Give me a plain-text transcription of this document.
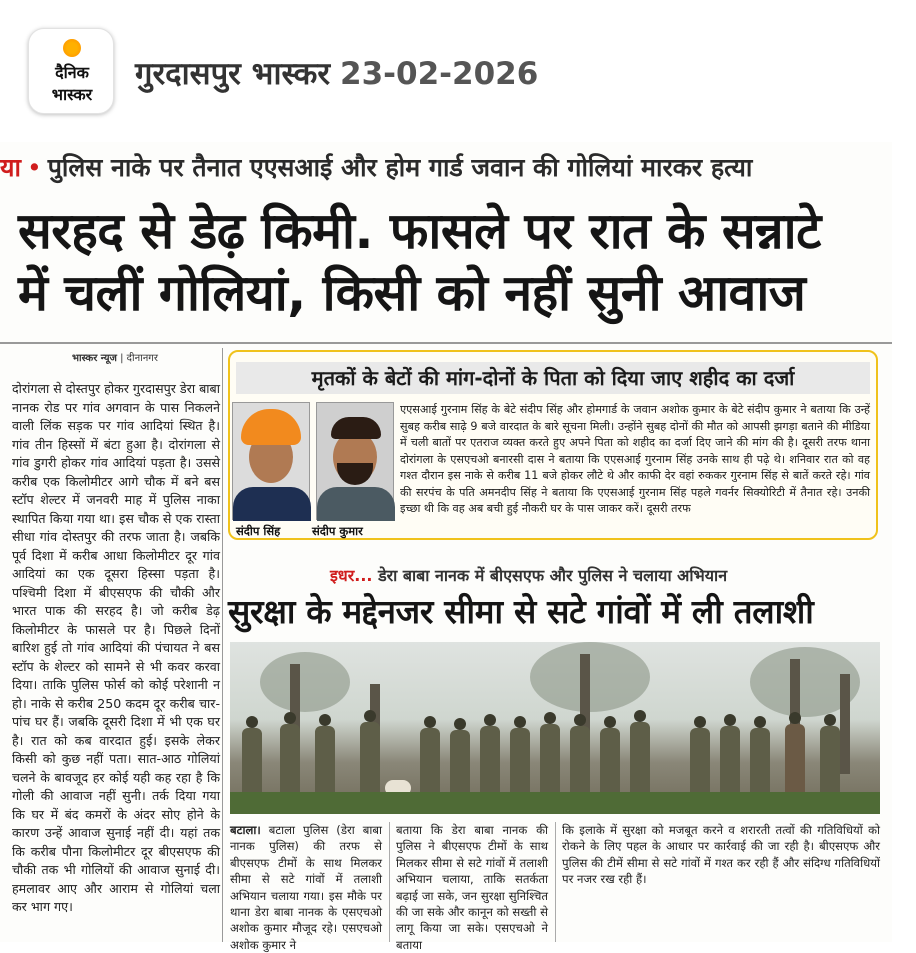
दैनिक
भास्कर
गुरदासपुर भास्कर 23-02-2026
या • पुलिस नाके पर तैनात एएसआई और होम गार्ड जवान की गोलियां मारकर हत्या
सरहद से डेढ़ किमी. फासले पर रात के सन्नाटे
में चलीं गोलियां, किसी को नहीं सुनी आवाज
भास्कर न्यूज | दीनानगर
दोरांगला से दोस्तपुर होकर गुरदासपुर डेरा बाबा नानक रोड पर गांव अगवान के पास निकलने वाली लिंक सड़क पर गांव आदियां स्थित है। गांव तीन हिस्सों में बंटा हुआ है। दोरांगला से गांव डुगरी होकर गांव आदियां पड़ता है। उससे करीब एक किलोमीटर आगे चौक में बने बस स्टॉप शेल्टर में जनवरी माह में पुलिस नाका स्थापित किया गया था। इस चौक से एक रास्ता सीधा गांव दोस्तपुर की तरफ जाता है। जबकि पूर्व दिशा में करीब आधा किलोमीटर दूर गांव आदियां का एक दूसरा हिस्सा पड़ता है। पश्चिमी दिशा में बीएसएफ की चौकी और भारत पाक की सरहद है। जो करीब डेढ़ किलोमीटर के फासले पर है। पिछले दिनों बारिश हुई तो गांव आदियां की पंचायत ने बस स्टॉप के शेल्टर को सामने से भी कवर करवा दिया। ताकि पुलिस फोर्स को कोई परेशानी न हो। नाके से करीब 250 कदम दूर करीब चार-पांच घर हैं। जबकि दूसरी दिशा में भी एक घर है। रात को कब वारदात हुई। इसके लेकर किसी को कुछ नहीं पता। सात-आठ गोलियां चलने के बावजूद हर कोई यही कह रहा है कि गोली की आवाज नहीं सुनी। तर्क दिया गया कि घर में बंद कमरों के अंदर सोए होने के कारण उन्हें आवाज सुनाई नहीं दी। यहां तक कि करीब पौना किलोमीटर दूर बीएसएफ की चौकी तक भी गोलियों की आवाज सुनाई दी। हमलावर आए और आराम से गोलियां चला कर भाग गए।
मृतकों के बेटों की मांग-दोनों के पिता को दिया जाए शहीद का दर्जा
संदीप सिंह	संदीप कुमार
एएसआई गुरनाम सिंह के बेटे संदीप सिंह और होमगार्ड के जवान अशोक कुमार के बेटे संदीप कुमार ने बताया कि उन्हें सुबह करीब साढ़े 9 बजे वारदात के बारे सूचना मिली। उन्होंने सुबह दोनों की मौत को आपसी झगड़ा बताने की मीडिया में चली बातों पर एतराज व्यक्त करते हुए अपने पिता को शहीद का दर्जा दिए जाने की मांग की है। दूसरी तरफ थाना दोरांगला के एसएचओ बनारसी दास ने बताया कि एएसआई गुरनाम सिंह उनके साथ ही पढ़े थे। शनिवार रात को वह गश्त दौरान इस नाके से करीब 11 बजे होकर लौटे थे और काफी देर वहां रुककर गुरनाम सिंह से बातें करते रहे। गांव की सरपंच के पति अमनदीप सिंह ने बताया कि एएसआई गुरनाम सिंह पहले गवर्नर सिक्योरिटी में तैनात रहे। उनकी इच्छा थी कि वह अब बची हुई नौकरी घर के पास जाकर करें। दूसरी तरफ
इधर... डेरा बाबा नानक में बीएसएफ और पुलिस ने चलाया अभियान
सुरक्षा के मद्देनजर सीमा से सटे गांवों में ली तलाशी
बटाला। बटाला पुलिस (डेरा बाबा नानक पुलिस) की तरफ से बीएसएफ टीमों के साथ मिलकर सीमा से सटे गांवों में तलाशी अभियान चलाया गया। इस मौके पर थाना डेरा बाबा नानक के एसएचओ अशोक कुमार मौजूद रहे। एसएचओ अशोक कुमार ने
बताया कि डेरा बाबा नानक की पुलिस ने बीएसएफ टीमों के साथ मिलकर सीमा से सटे गांवों में तलाशी अभियान चलाया, ताकि सतर्कता बढ़ाई जा सके, जन सुरक्षा सुनिश्चित की जा सके और कानून को सख्ती से लागू किया जा सके। एसएचओ ने बताया
कि इलाके में सुरक्षा को मजबूत करने व शरारती तत्वों की गतिविधियों को रोकने के लिए पहल के आधार पर कार्रवाई की जा रही है। बीएसएफ और पुलिस की टीमें सीमा से सटे गांवों में गश्त कर रही हैं और संदिग्ध गतिविधियों पर नजर रख रही हैं।
